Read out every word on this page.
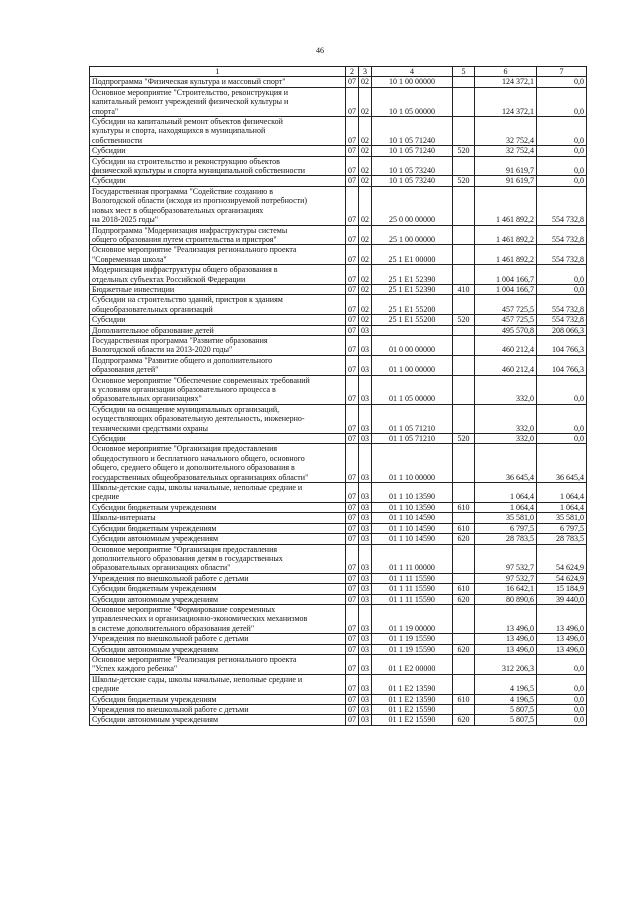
46
1	2	3	4	5	6	7
Подпрограмма "Физическая культура и массовый спорт"	07	02	10 1 00 00000		124 372,1	0,0
Основное мероприятие "Строительство, реконструкция и
капитальный ремонт учреждений физической культуры и
спорта"	07	02	10 1 05 00000		124 372,1	0,0
Субсидии на капитальный ремонт объектов физической
культуры и спорта, находящихся в муниципальной
собственности	07	02	10 1 05 71240		32 752,4	0,0
Субсидии	07	02	10 1 05 71240	520	32 752,4	0,0
Субсидии на строительство и реконструкцию объектов
физической культуры и спорта муниципальной собственности	07	02	10 1 05 73240		91 619,7	0,0
Субсидии	07	02	10 1 05 73240	520	91 619,7	0,0
Государственная программа "Содействие созданию в
Вологодской области (исходя из прогнозируемой потребности)
новых мест в общеобразовательных организациях
на 2018-2025 годы"	07	02	25 0 00 00000		1 461 892,2	554 732,8
Подпрограмма "Модернизация инфраструктуры системы
общего образования путем строительства и пристроя"	07	02	25 1 00 00000		1 461 892,2	554 732,8
Основное мероприятие "Реализация регионального проекта
"Современная школа"	07	02	25 1 E1 00000		1 461 892,2	554 732,8
Модернизация инфраструктуры общего образования в
отдельных субъектах Российской Федерации	07	02	25 1 E1 52390		1 004 166,7	0,0
Бюджетные инвестиции	07	02	25 1 E1 52390	410	1 004 166,7	0,0
Субсидии на строительство зданий, пристроя к зданиям
общеобразовательных организаций	07	02	25 1 E1 55200		457 725,5	554 732,8
Субсидии	07	02	25 1 E1 55200	520	457 725,5	554 732,8
Дополнительное образование детей	07	03			495 570,8	208 066,3
Государственная программа "Развитие образования
Вологодской области на 2013-2020 годы"	07	03	01 0 00 00000		460 212,4	104 766,3
Подпрограмма "Развитие общего и дополнительного
образования детей"	07	03	01 1 00 00000		460 212,4	104 766,3
Основное мероприятие "Обеспечение современных требований
к условиям организации образовательного процесса в
образовательных организациях"	07	03	01 1 05 00000		332,0	0,0
Субсидии на оснащение муниципальных организаций,
осуществляющих образовательную деятельность, инженерно-
техническими средствами охраны	07	03	01 1 05 71210		332,0	0,0
Субсидии	07	03	01 1 05 71210	520	332,0	0,0
Основное мероприятие "Организация предоставления
общедоступного и бесплатного начального общего, основного
общего, среднего общего и дополнительного образования в
государственных общеобразовательных организациях области"	07	03	01 1 10 00000		36 645,4	36 645,4
Школы-детские сады, школы начальные, неполные средние и
средние	07	03	01 1 10 13590		1 064,4	1 064,4
Субсидии бюджетным учреждениям	07	03	01 1 10 13590	610	1 064,4	1 064,4
Школы-интернаты	07	03	01 1 10 14590		35 581,0	35 581,0
Субсидии бюджетным учреждениям	07	03	01 1 10 14590	610	6 797,5	6 797,5
Субсидии автономным учреждениям	07	03	01 1 10 14590	620	28 783,5	28 783,5
Основное мероприятие "Организация предоставления
дополнительного образования детям в государственных
образовательных организациях области"	07	03	01 1 11 00000		97 532,7	54 624,9
Учреждения по внешкольной работе с детьми	07	03	01 1 11 15590		97 532,7	54 624,9
Субсидии бюджетным учреждениям	07	03	01 1 11 15590	610	16 642,1	15 184,9
Субсидии автономным учреждениям	07	03	01 1 11 15590	620	80 890,6	39 440,0
Основное мероприятие "Формирование современных
управленческих и организационно-экономических механизмов
в системе дополнительного образования детей"	07	03	01 1 19 00000		13 496,0	13 496,0
Учреждения по внешкольной работе с детьми	07	03	01 1 19 15590		13 496,0	13 496,0
Субсидии автономным учреждениям	07	03	01 1 19 15590	620	13 496,0	13 496,0
Основное мероприятие "Реализация регионального проекта
"Успех каждого ребенка"	07	03	01 1 E2 00000		312 206,3	0,0
Школы-детские сады, школы начальные, неполные средние и
средние	07	03	01 1 E2 13590		4 196,5	0,0
Субсидии бюджетным учреждениям	07	03	01 1 E2 13590	610	4 196,5	0,0
Учреждения по внешкольной работе с детьми	07	03	01 1 E2 15590		5 807,5	0,0
Субсидии автономным учреждениям	07	03	01 1 E2 15590	620	5 807,5	0,0
